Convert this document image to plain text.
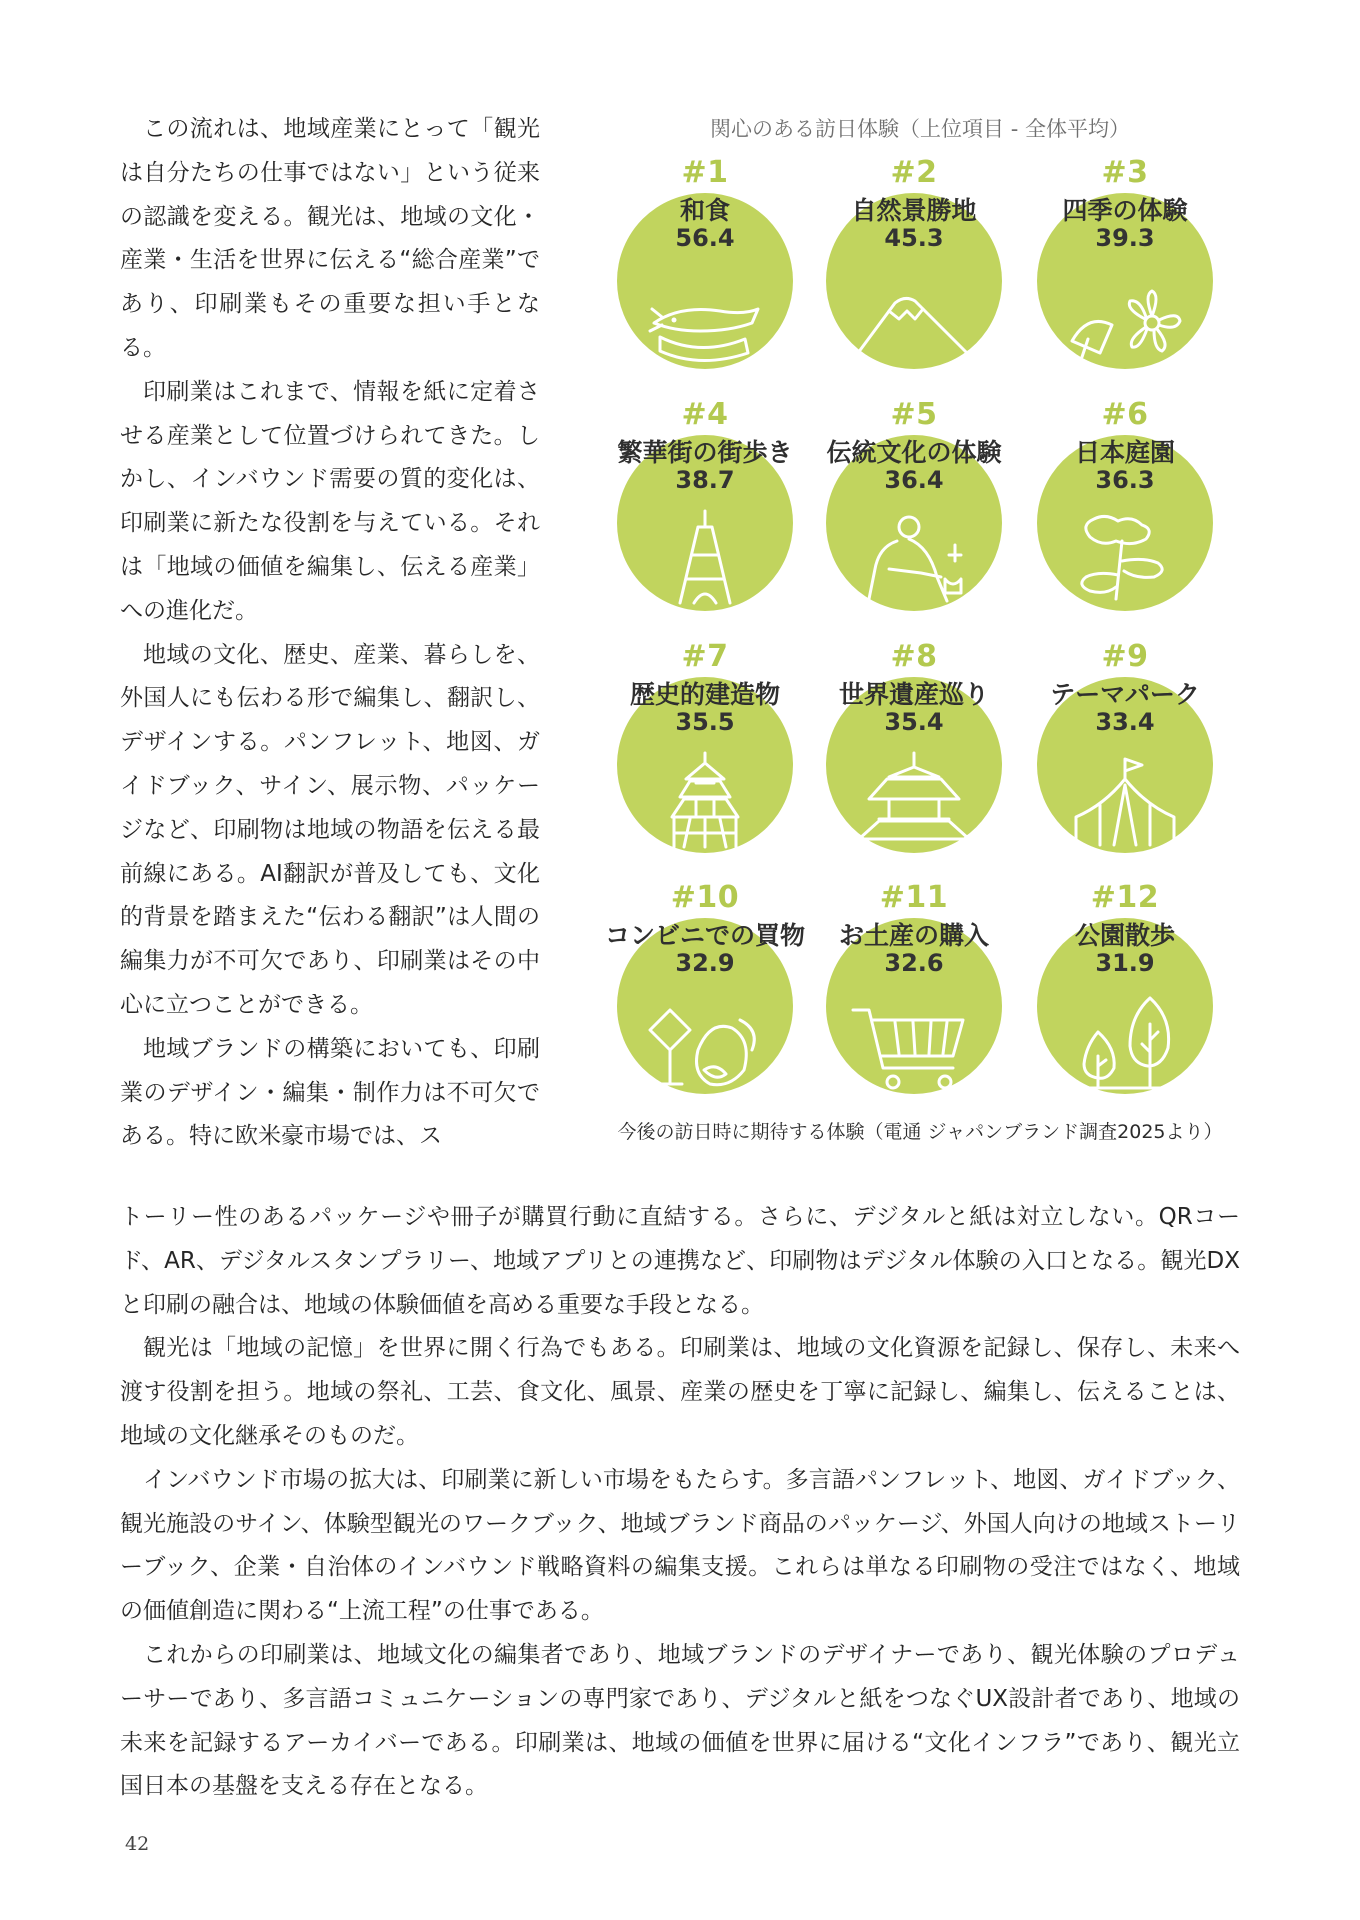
この流れは、地域産業にとって「観光は自分たちの仕事ではない」という従来の認識を変える。観光は、地域の文化・産業・生活を世界に伝える“総合産業”であり、印刷業もその重要な担い手となる。

印刷業はこれまで、情報を紙に定着させる産業として位置づけられてきた。しかし、インバウンド需要の質的変化は、印刷業に新たな役割を与えている。それは「地域の価値を編集し、伝える産業」への進化だ。

地域の文化、歴史、産業、暮らしを、外国人にも伝わる形で編集し、翻訳し、デザインする。パンフレット、地図、ガイドブック、サイン、展示物、パッケージなど、印刷物は地域の物語を伝える最前線にある。AI翻訳が普及しても、文化的背景を踏まえた“伝わる翻訳”は人間の編集力が不可欠であり、印刷業はその中心に立つことができる。

地域ブランドの構築においても、印刷業のデザイン・編集・制作力は不可欠である。特に欧米豪市場では、ス

関心のある訪日体験（上位項目 - 全体平均）
#1
和食
56.4
#2
自然景勝地
45.3
#3
四季の体験
39.3
#4
繁華街の街歩き
38.7
#5
伝統文化の体験
36.4
#6
日本庭園
36.3
#7
歴史的建造物
35.5
#8
世界遺産巡り
35.4
#9
テーマパーク
33.4
#10
コンビニでの買物
32.9
#11
お土産の購入
32.6
#12
公園散歩
31.9
今後の訪日時に期待する体験（電通 ジャパンブランド調査2025より）

トーリー性のあるパッケージや冊子が購買行動に直結する。さらに、デジタルと紙は対立しない。QRコード、AR、デジタルスタンプラリー、地域アプリとの連携など、印刷物はデジタル体験の入口となる。観光DXと印刷の融合は、地域の体験価値を高める重要な手段となる。

観光は「地域の記憶」を世界に開く行為でもある。印刷業は、地域の文化資源を記録し、保存し、未来へ渡す役割を担う。地域の祭礼、工芸、食文化、風景、産業の歴史を丁寧に記録し、編集し、伝えることは、地域の文化継承そのものだ。

インバウンド市場の拡大は、印刷業に新しい市場をもたらす。多言語パンフレット、地図、ガイドブック、観光施設のサイン、体験型観光のワークブック、地域ブランド商品のパッケージ、外国人向けの地域ストーリーブック、企業・自治体のインバウンド戦略資料の編集支援。これらは単なる印刷物の受注ではなく、地域の価値創造に関わる“上流工程”の仕事である。

これからの印刷業は、地域文化の編集者であり、地域ブランドのデザイナーであり、観光体験のプロデューサーであり、多言語コミュニケーションの専門家であり、デジタルと紙をつなぐUX設計者であり、地域の未来を記録するアーカイバーである。印刷業は、地域の価値を世界に届ける“文化インフラ”であり、観光立国日本の基盤を支える存在となる。

42
